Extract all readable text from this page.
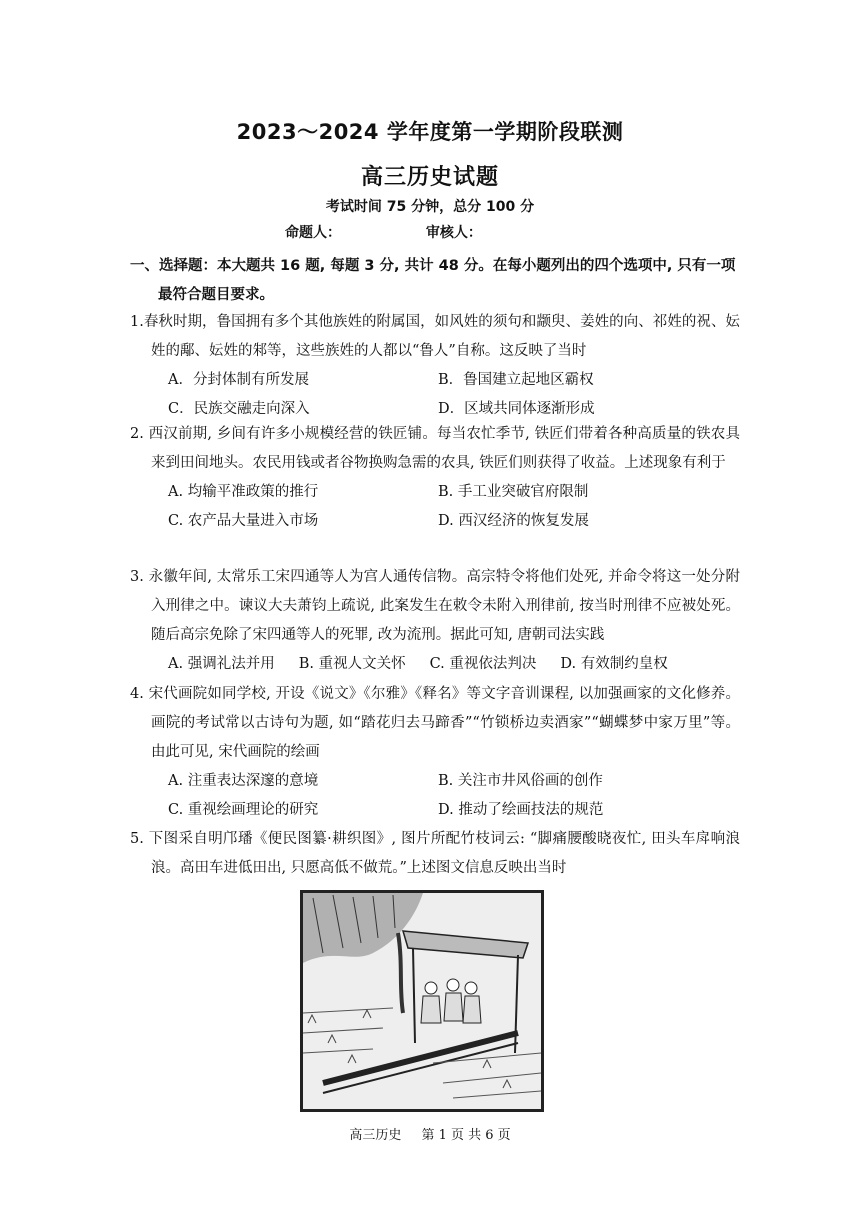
2023～2024 学年度第一学期阶段联测
高三历史试题
考试时间 75 分钟，总分 100 分
命题人：	审核人：
一、选择题：本大题共 16 题, 每题 3 分, 共计 48 分。在每小题列出的四个选项中, 只有一项最符合题目要求。
1.春秋时期，鲁国拥有多个其他族姓的附属国，如风姓的须句和颛臾、姜姓的向、祁姓的祝、妘姓的鄅、妘姓的邾等，这些族姓的人都以“鲁人”自称。这反映了当时
A．分封体制有所发展	B．鲁国建立起地区霸权
C．民族交融走向深入	D．区域共同体逐渐形成
2. 西汉前期, 乡间有许多小规模经营的铁匠铺。每当农忙季节, 铁匠们带着各种高质量的铁农具来到田间地头。农民用钱或者谷物换购急需的农具, 铁匠们则获得了收益。上述现象有利于
A. 均输平准政策的推行	B. 手工业突破官府限制
C. 农产品大量进入市场	D. 西汉经济的恢复发展
3. 永徽年间, 太常乐工宋四通等人为宫人通传信物。高宗特令将他们处死, 并命令将这一处分附入刑律之中。谏议大夫萧钧上疏说, 此案发生在敕令未附入刑律前, 按当时刑律不应被处死。随后高宗免除了宋四通等人的死罪, 改为流刑。据此可知, 唐朝司法实践
A. 强调礼法并用 B. 重视人文关怀 C. 重视依法判决 D. 有效制约皇权
4. 宋代画院如同学校, 开设《说文》《尔雅》《释名》等文字音训课程, 以加强画家的文化修养。画院的考试常以古诗句为题, 如“踏花归去马蹄香”“竹锁桥边卖酒家”“蝴蝶梦中家万里”等。由此可见, 宋代画院的绘画
A. 注重表达深邃的意境	B. 关注市井风俗画的创作
C. 重视绘画理论的研究	D. 推动了绘画技法的规范
5. 下图采自明邝璠《便民图纂·耕织图》, 图片所配竹枝词云: “脚痛腰酸晓夜忙, 田头车戽响浪浪。高田车进低田出, 只愿高低不做荒。”上述图文信息反映出当时
高三历史 第 1 页 共 6 页
